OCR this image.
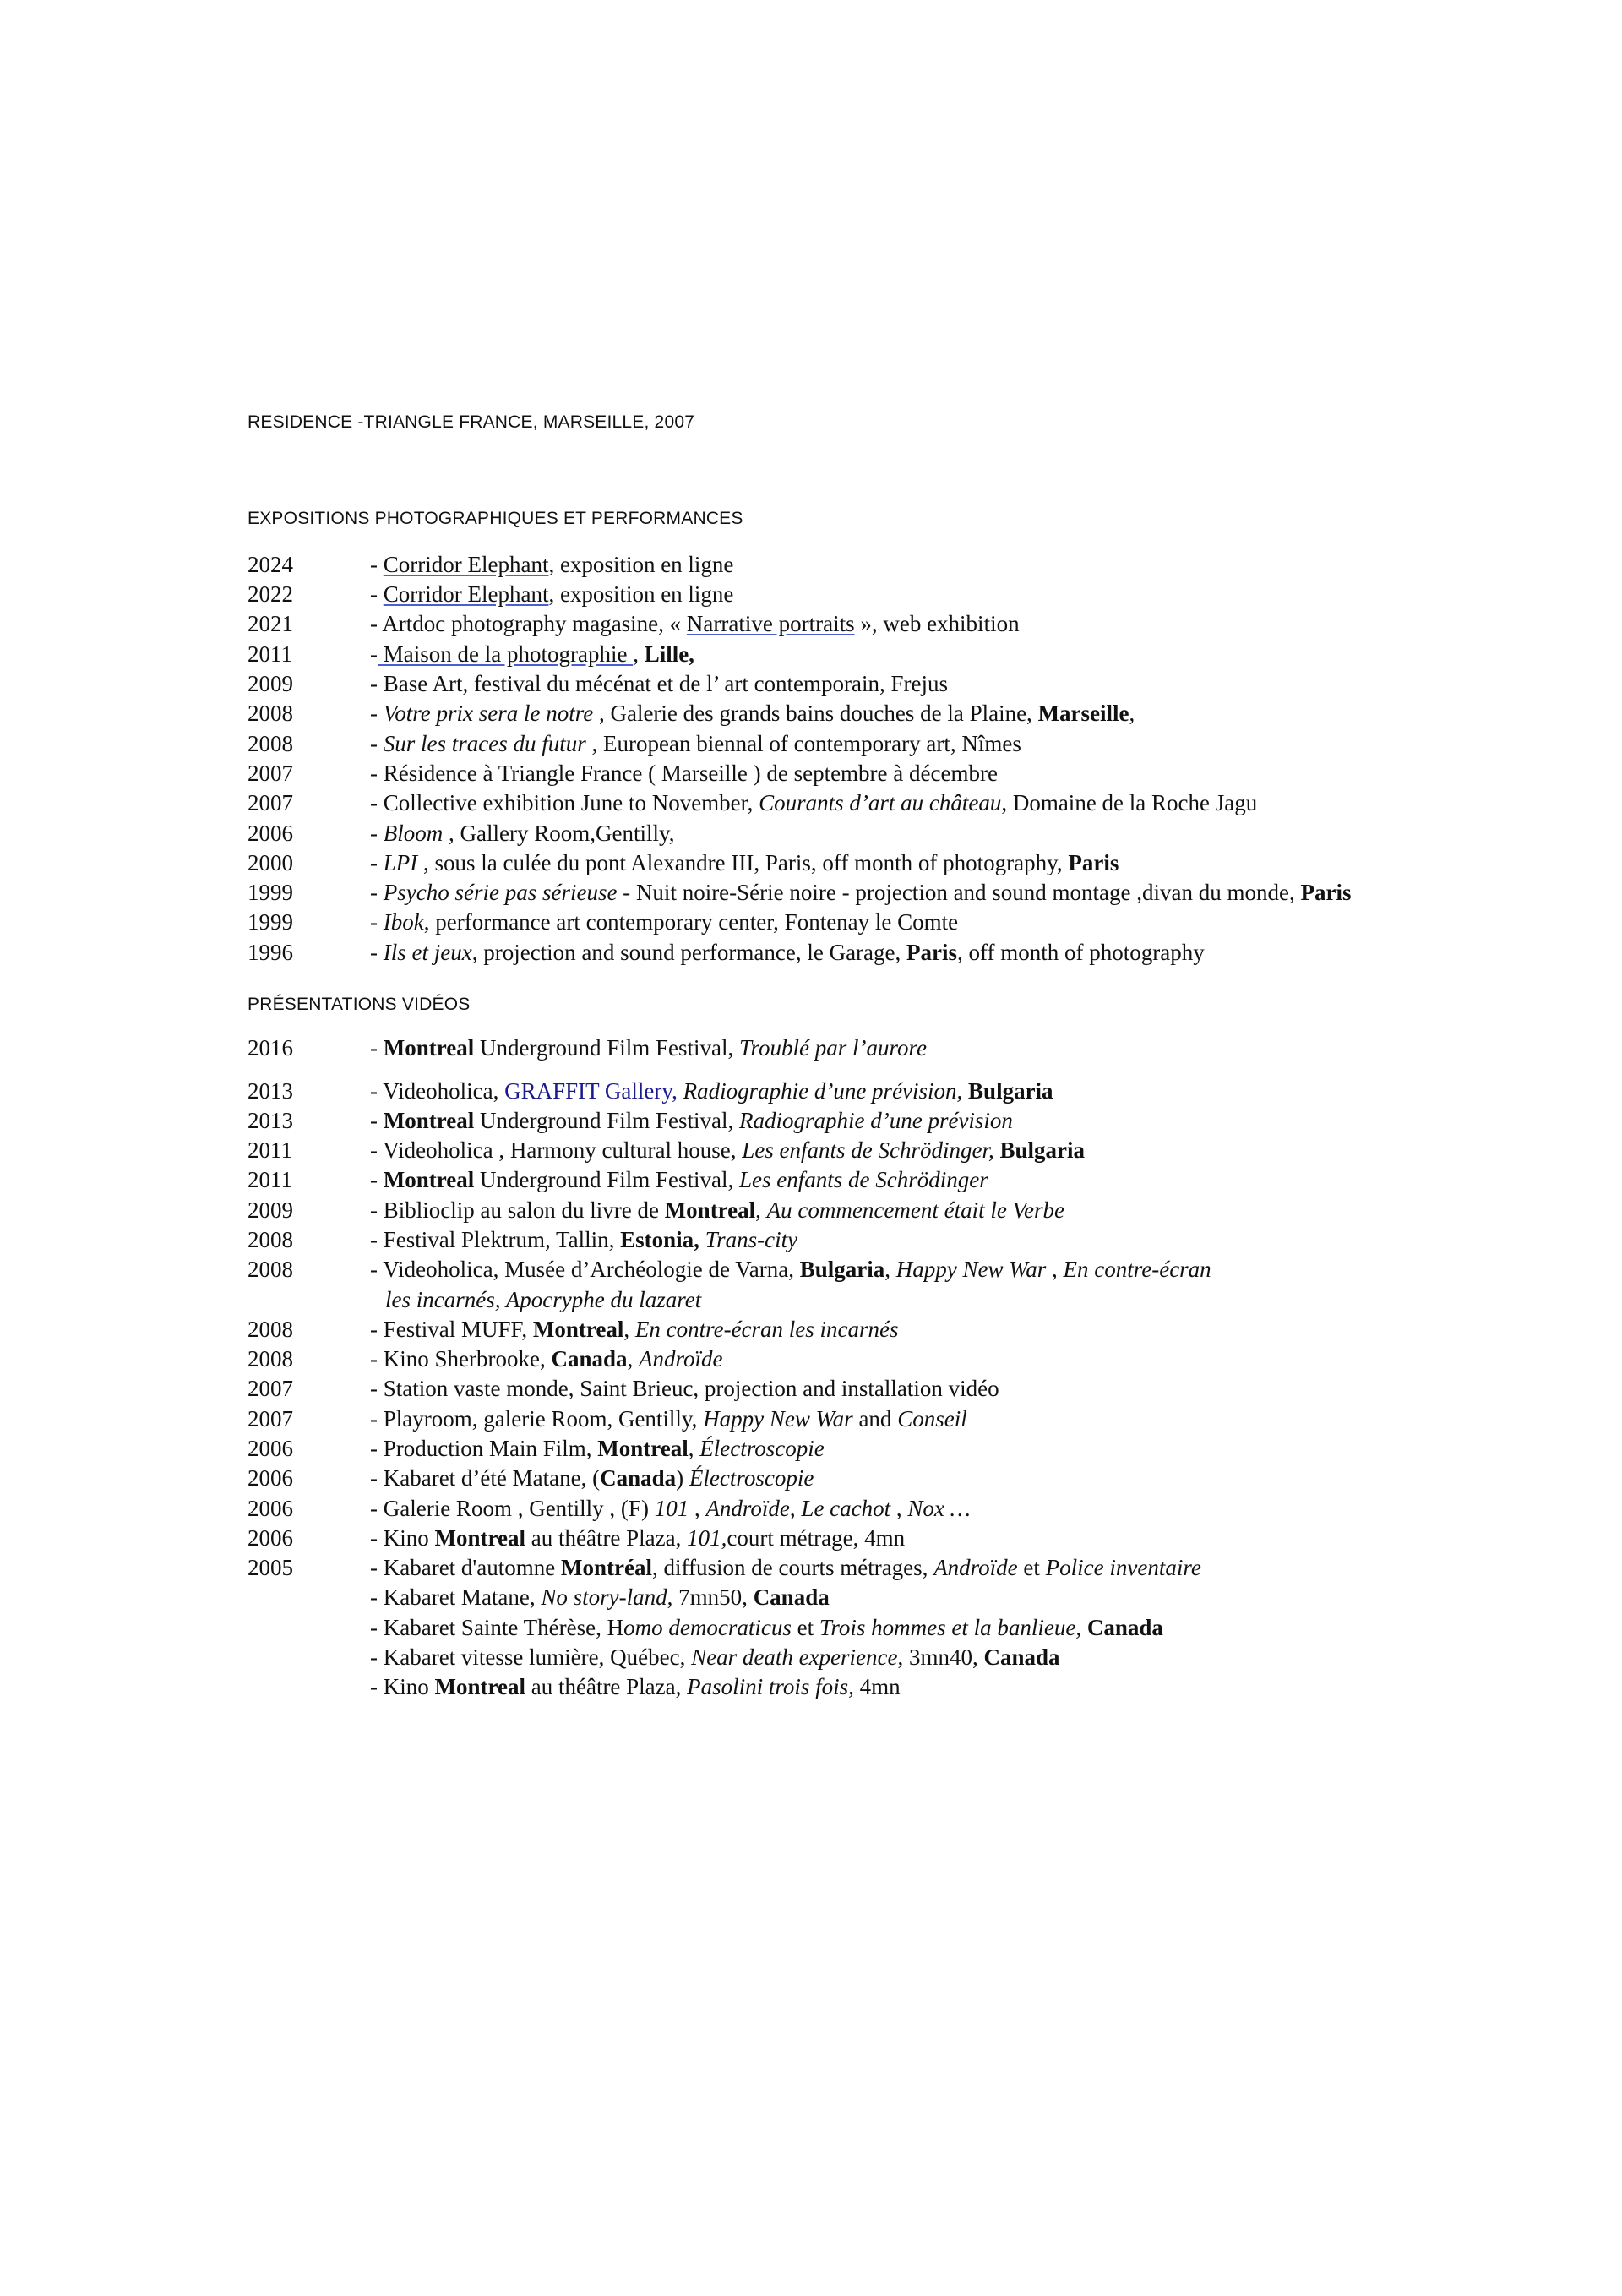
RESIDENCE -TRIANGLE FRANCE, MARSEILLE, 2007
EXPOSITIONS PHOTOGRAPHIQUES ET PERFORMANCES
2024	- Corridor Elephant, exposition en ligne
2022	- Corridor Elephant, exposition en ligne
2021	- Artdoc photography magasine, « Narrative portraits », web exhibition
2011	- Maison de la photographie , Lille,
2009	- Base Art, festival du mécénat et de l’ art contemporain, Frejus
2008	- Votre prix sera le notre , Galerie des grands bains douches de la Plaine, Marseille,
2008	- Sur les traces du futur , European biennal of contemporary art, Nîmes
2007	- Résidence à Triangle France ( Marseille ) de septembre à décembre
2007	- Collective exhibition June to November, Courants d’art au château, Domaine de la Roche Jagu
2006	- Bloom , Gallery Room,Gentilly,
2000	- LPI , sous la culée du pont Alexandre III, Paris, off month of photography, Paris
1999	- Psycho série pas sérieuse - Nuit noire-Série noire - projection and sound montage ,divan du monde, Paris
1999	- Ibok, performance art contemporary center, Fontenay le Comte
1996	- Ils et jeux, projection and sound performance, le Garage, Paris, off month of photography
PRÉSENTATIONS VIDÉOS
2016	- Montreal Underground Film Festival, Troublé par l’aurore
2013	- Videoholica, GRAFFIT Gallery, Radiographie d’une prévision, Bulgaria
2013	- Montreal Underground Film Festival, Radiographie d’une prévision
2011	- Videoholica , Harmony cultural house, Les enfants de Schrödinger, Bulgaria
2011	- Montreal Underground Film Festival, Les enfants de Schrödinger
2009	- Biblioclip au salon du livre de Montreal, Au commencement était le Verbe
2008	- Festival Plektrum, Tallin, Estonia, Trans-city
2008	- Videoholica, Musée d’Archéologie de Varna, Bulgaria, Happy New War , En contre-écran
les incarnés, Apocryphe du lazaret
2008	- Festival MUFF, Montreal, En contre-écran les incarnés
2008	- Kino Sherbrooke, Canada, Androïde
2007	- Station vaste monde, Saint Brieuc, projection and installation vidéo
2007	- Playroom, galerie Room, Gentilly, Happy New War and Conseil
2006	- Production Main Film, Montreal, Électroscopie
2006	- Kabaret d’été Matane, (Canada) Électroscopie
2006	- Galerie Room , Gentilly , (F) 101 , Androïde, Le cachot , Nox …
2006	- Kino Montreal au théâtre Plaza, 101,court métrage, 4mn
2005	- Kabaret d'automne Montréal, diffusion de courts métrages, Androïde et Police inventaire
- Kabaret Matane, No story-land, 7mn50, Canada
- Kabaret Sainte Thérèse, Homo democraticus et Trois hommes et la banlieue, Canada
- Kabaret vitesse lumière, Québec, Near death experience, 3mn40, Canada
- Kino Montreal au théâtre Plaza, Pasolini trois fois, 4mn
